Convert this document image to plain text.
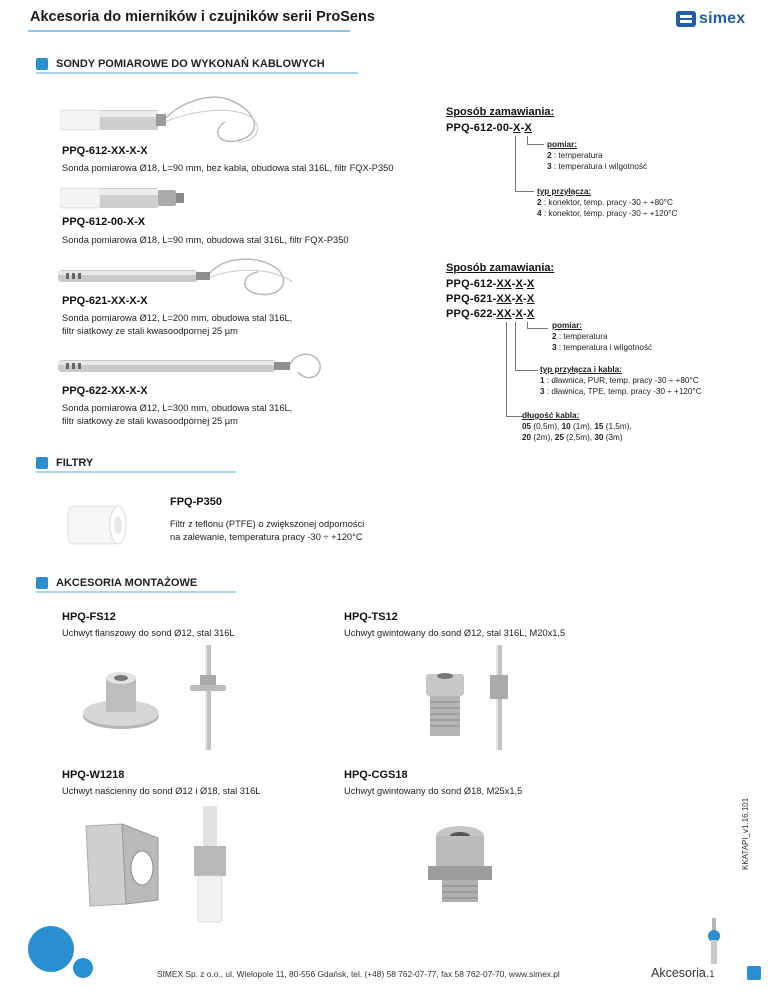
Akcesoria do mierników i czujników serii ProSens	simex
SONDY POMIAROWE DO WYKONAŃ KABLOWYCH
PPQ-612-XX-X-X
Sonda pomiarowa Ø18, L=90 mm, bez kabla, obudowa stal 316L, filtr FQX-P350
PPQ-612-00-X-X
Sonda pomiarowa Ø18, L=90 mm, obudowa stal 316L, filtr FQX-P350
PPQ-621-XX-X-X
Sonda pomiarowa Ø12, L=200 mm, obudowa stal 316L,
filtr siatkowy ze stali kwasoodpornej 25 µm
PPQ-622-XX-X-X
Sonda pomiarowa Ø12, L=300 mm, obudowa stal 316L,
filtr siatkowy ze stali kwasoodpornej 25 µm
Sposób zamawiania:
PPQ-612-00-X-X
pomiar:
2 : temperatura
3 : temperatura i wilgotność
typ przyłącza:
2 : konektor, temp. pracy -30 ÷ +80°C
4 : konektor, temp. pracy -30 ÷ +120°C
Sposób zamawiania:
PPQ-612-XX-X-X
PPQ-621-XX-X-X
PPQ-622-XX-X-X
pomiar:
2 : temperatura
3 : temperatura i wilgotność
typ przyłącza i kabla:
1 : dławnica, PUR, temp. pracy -30 ÷ +80°C
3 : dławnica, TPE, temp. pracy -30 ÷ +120°C
długość kabla:
05 (0,5m), 10 (1m), 15 (1,5m),
20 (2m), 25 (2,5m), 30 (3m)
FILTRY
FPQ-P350
Filtr z teflonu (PTFE) o zwiększonej odporności
na zalewanie, temperatura pracy -30 ÷ +120°C
AKCESORIA MONTAŻOWE
HPQ-FS12
Uchwyt flanszowy do sond Ø12, stal 316L
HPQ-TS12
Uchwyt gwintowany do sond Ø12, stal 316L, M20x1,5
HPQ-W1218
Uchwyt naścienny do sond Ø12 i Ø18, stal 316L
HPQ-CGS18
Uchwyt gwintowany do sond Ø18, M25x1,5
SIMEX Sp. z o.o., ul. Wielopole 11, 80-556 Gdańsk, tel. (+48) 58 762-07-77, fax 58 762-07-70, www.simex.pl	Akcesoria.1
KKATAPI_v1.16.101
